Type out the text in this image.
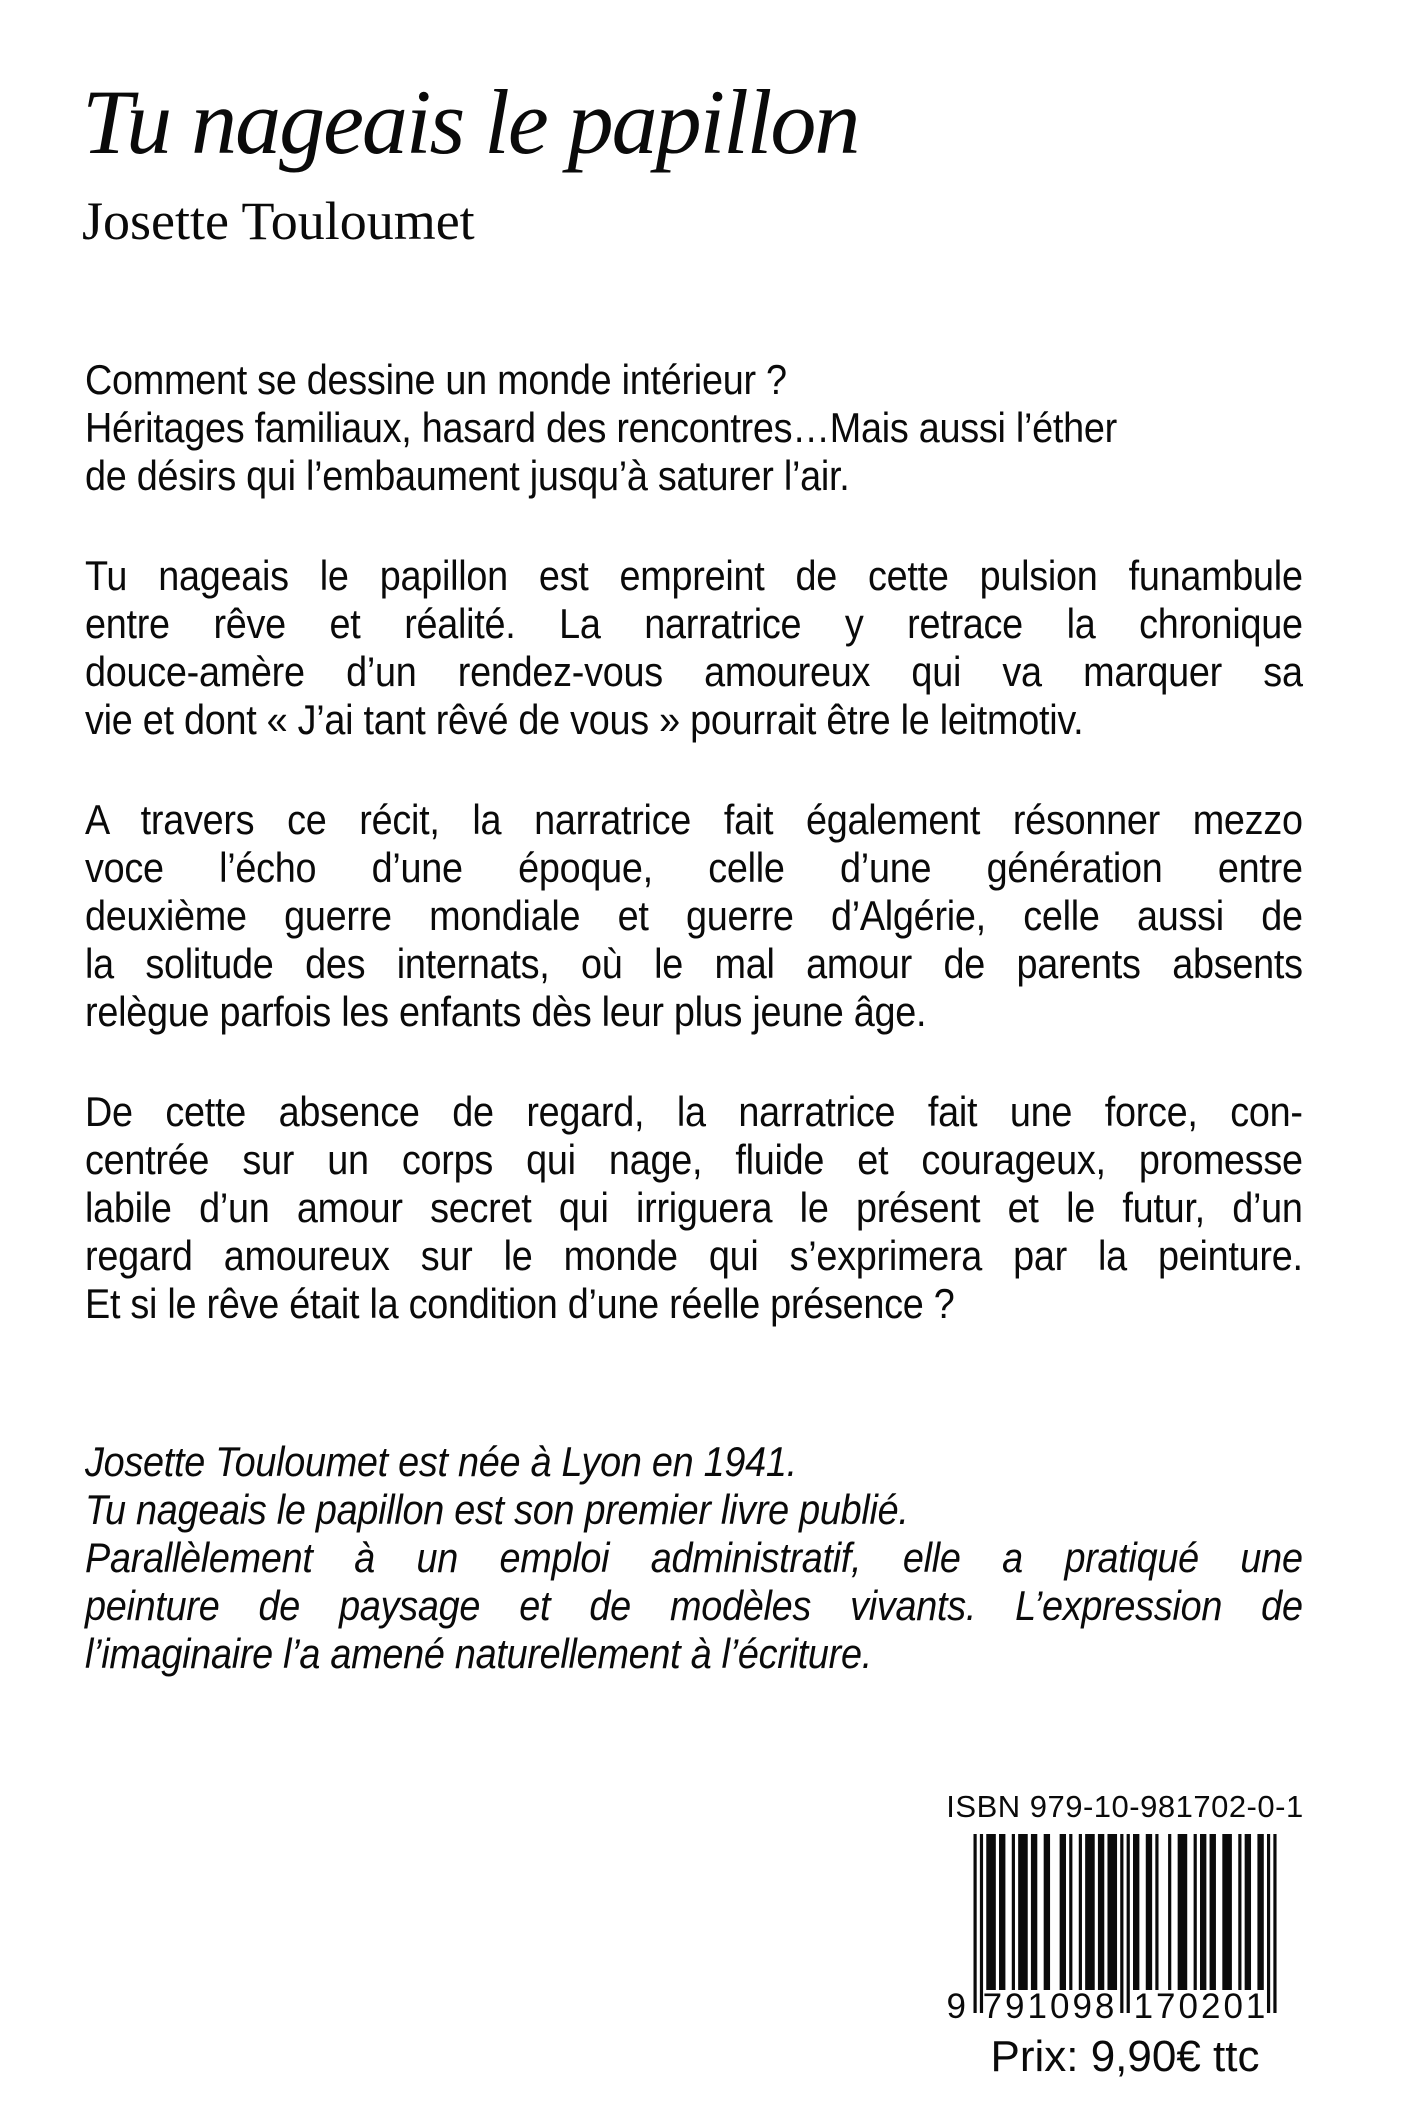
Tu nageais le papillon
Josette Touloumet

Comment se dessine un monde intérieur ?
Héritages familiaux, hasard des rencontres…Mais aussi l’éther
de désirs qui l’embaument jusqu’à saturer l’air.

Tu nageais le papillon est empreint de cette pulsion funambule
entre rêve et réalité. La narratrice y retrace la chronique
douce-amère d’un rendez-vous amoureux qui va marquer sa
vie et dont « J’ai tant rêvé de vous » pourrait être le leitmotiv.

A travers ce récit, la narratrice fait également résonner mezzo
voce l’écho d’une époque, celle d’une génération entre
deuxième guerre mondiale et guerre d’Algérie, celle aussi de
la solitude des internats, où le mal amour de parents absents
relègue parfois les enfants dès leur plus jeune âge.

De cette absence de regard, la narratrice fait une force, con-
centrée sur un corps qui nage, fluide et courageux, promesse
labile d’un amour secret qui irriguera le présent et le futur, d’un
regard amoureux sur le monde qui s’exprimera par la peinture.
Et si le rêve était la condition d’une réelle présence ?

Josette Touloumet est née à Lyon en 1941.
Tu nageais le papillon est son premier livre publié.
Parallèlement à un emploi administratif, elle a pratiqué une
peinture de paysage et de modèles vivants. L’expression de
l’imaginaire l’a amené naturellement à l’écriture.

ISBN 979-10-981702-0-1
9 791098 170201
Prix: 9,90€ ttc
